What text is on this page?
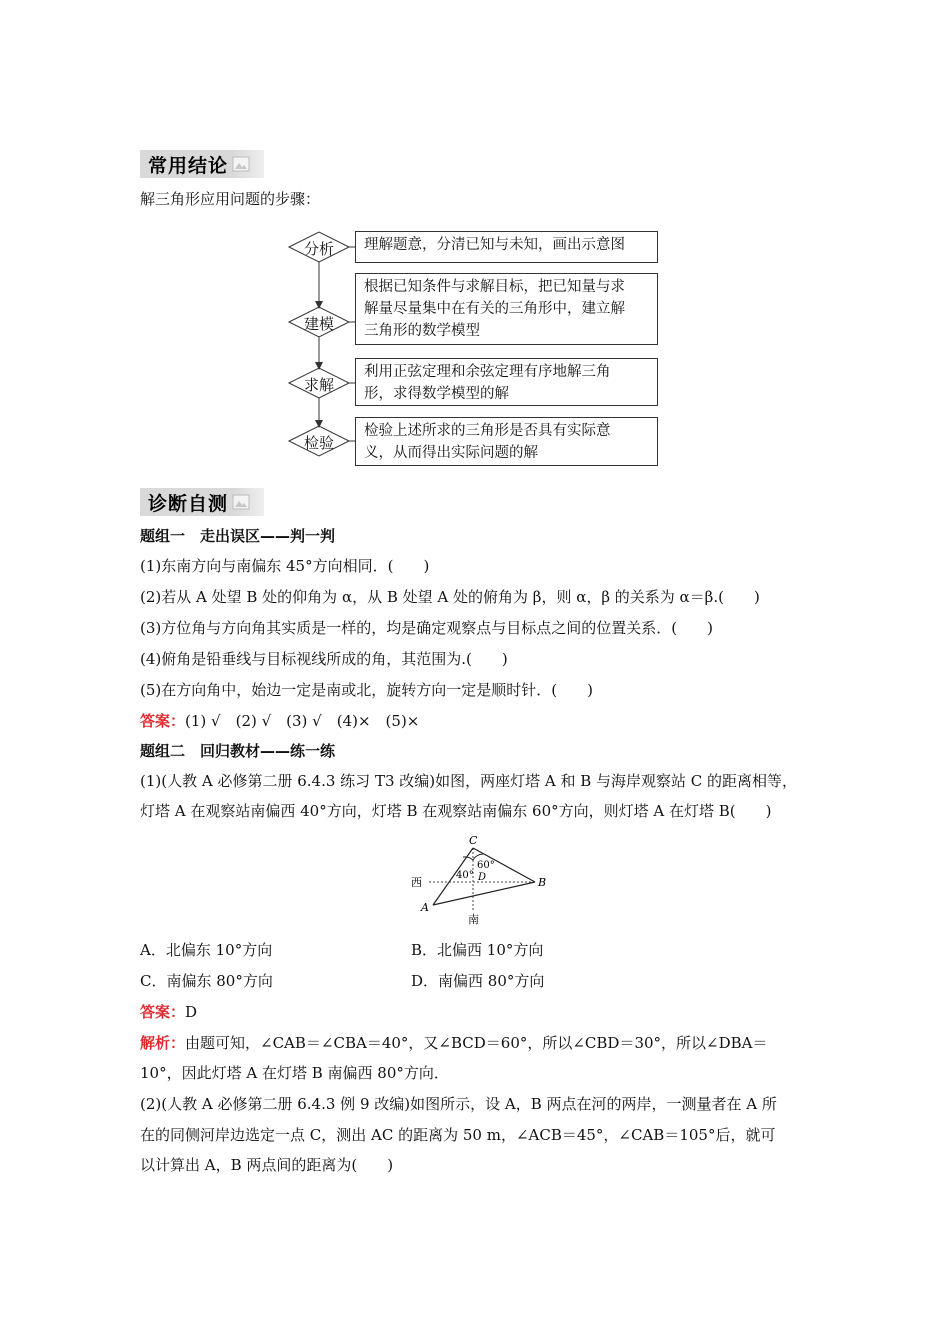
常用结论
解三角形应用问题的步骤：
分析
建模
求解
检验
理解题意，分清已知与未知，画出示意图
根据已知条件与求解目标，把已知量与求
解量尽量集中在有关的三角形中，建立解
三角形的数学模型
利用正弦定理和余弦定理有序地解三角
形，求得数学模型的解
检验上述所求的三角形是否具有实际意
义，从而得出实际问题的解
诊断自测
题组一　走出误区——判一判
(1)东南方向与南偏东 45°方向相同．(　　)
(2)若从 A 处望 B 处的仰角为 α，从 B 处望 A 处的俯角为 β，则 α，β 的关系为 α＝β.(　　)
(3)方位角与方向角其实质是一样的，均是确定观察点与目标点之间的位置关系．(　　)
(4)俯角是铅垂线与目标视线所成的角，其范围为.(　　)
(5)在方向角中，始边一定是南或北，旋转方向一定是顺时针．(　　)
答案：(1) √　(2) √　(3) √　(4)×　(5)×
题组二　回归教材——练一练
(1)(人教 A 必修第二册 6.4.3 练习 T3 改编)如图，两座灯塔 A 和 B 与海岸观察站 C 的距离相等，
灯塔 A 在观察站南偏西 40°方向，灯塔 B 在观察站南偏东 60°方向，则灯塔 A 在灯塔 B(　　)
C
60°
40° D	B
A
西
南
A．北偏东 10°方向	B．北偏西 10°方向
C．南偏东 80°方向	D．南偏西 80°方向
答案：D
解析：由题可知，∠CAB＝∠CBA＝40°，又∠BCD＝60°，所以∠CBD＝30°，所以∠DBA＝
10°，因此灯塔 A 在灯塔 B 南偏西 80°方向．
(2)(人教 A 必修第二册 6.4.3 例 9 改编)如图所示，设 A，B 两点在河的两岸，一测量者在 A 所
在的同侧河岸边选定一点 C，测出 AC 的距离为 50 m，∠ACB＝45°，∠CAB＝105°后，就可
以计算出 A，B 两点间的距离为(　　)
